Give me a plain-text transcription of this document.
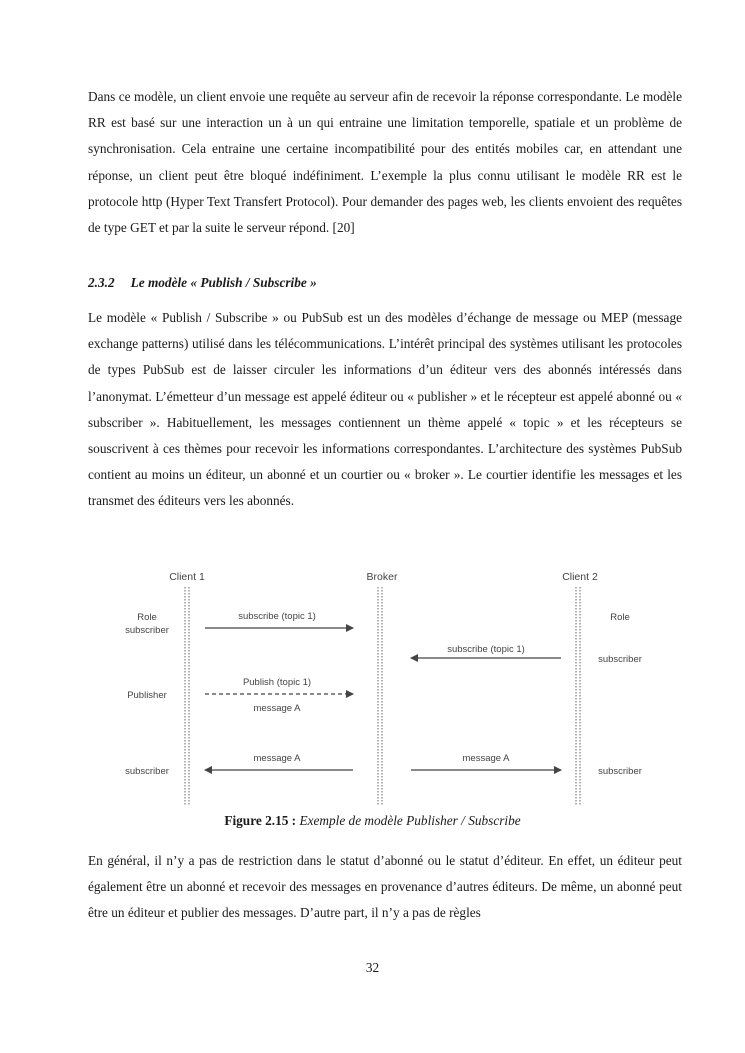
Dans ce modèle, un client envoie une requête au serveur afin de recevoir la réponse correspondante. Le modèle RR est basé sur une interaction un à un qui entraine une limitation temporelle, spatiale et un problème de synchronisation. Cela entraine une certaine incompatibilité pour des entités mobiles car, en attendant une réponse, un client peut être bloqué indéfiniment. L’exemple la plus connu utilisant le modèle RR est le protocole http (Hyper Text Transfert Protocol). Pour demander des pages web, les clients envoient des requêtes de type GET et par la suite le serveur répond. [20]

2.3.2 Le modèle « Publish / Subscribe »

Le modèle « Publish / Subscribe » ou PubSub est un des modèles d’échange de message ou MEP (message exchange patterns) utilisé dans les télécommunications. L’intérêt principal des systèmes utilisant les protocoles de types PubSub est de laisser circuler les informations d’un éditeur vers des abonnés intéressés dans l’anonymat. L’émetteur d’un message est appelé éditeur ou « publisher » et le récepteur est appelé abonné ou « subscriber ». Habituellement, les messages contiennent un thème appelé « topic » et les récepteurs se souscrivent à ces thèmes pour recevoir les informations correspondantes. L’architecture des systèmes PubSub contient au moins un éditeur, un abonné et un courtier ou « broker ». Le courtier identifie les messages et les transmet des éditeurs vers les abonnés.

Client 1	Broker	Client 2
Role
subscriber
Publisher
subscriber
Role
subscriber
subscriber
subscribe (topic 1)
subscribe (topic 1)
Publish (topic 1)
message A
message A	message A
Figure 2.15 : Exemple de modèle Publisher / Subscribe

En général, il n’y a pas de restriction dans le statut d’abonné ou le statut d’éditeur. En effet, un éditeur peut également être un abonné et recevoir des messages en provenance d’autres éditeurs. De même, un abonné peut être un éditeur et publier des messages. D’autre part, il n’y a pas de règles

32
